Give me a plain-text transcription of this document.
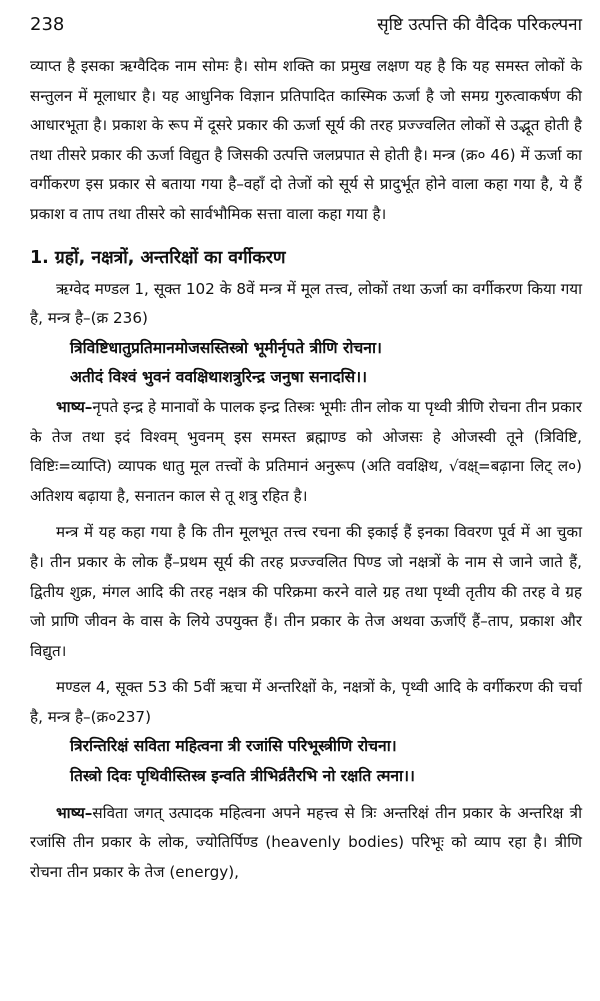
238	सृष्टि उत्पत्ति की वैदिक परिकल्पना

व्याप्त है इसका ऋग्वैदिक नाम सोमः है। सोम शक्ति का प्रमुख लक्षण यह है कि यह समस्त लोकों के सन्तुलन में मूलाधार है। यह आधुनिक विज्ञान प्रतिपादित कास्मिक ऊर्जा है जो समग्र गुरुत्वाकर्षण की आधारभूता है। प्रकाश के रूप में दूसरे प्रकार की ऊर्जा सूर्य की तरह प्रज्ज्वलित लोकों से उद्भूत होती है तथा तीसरे प्रकार की ऊर्जा विद्युत है जिसकी उत्पत्ति जलप्रपात से होती है। मन्त्र (क्र० 46) में ऊर्जा का वर्गीकरण इस प्रकार से बताया गया है–वहाँ दो तेजों को सूर्य से प्रादुर्भूत होने वाला कहा गया है, ये हैं प्रकाश व ताप तथा तीसरे को सार्वभौमिक सत्ता वाला कहा गया है।

1. ग्रहों, नक्षत्रों, अन्तरिक्षों का वर्गीकरण

ऋग्वेद मण्डल 1, सूक्त 102 के 8वें मन्त्र में मूल तत्त्व, लोकों तथा ऊर्जा का वर्गीकरण किया गया है, मन्त्र है–(क्र 236)

त्रिविष्टिधातुप्रतिमानमोजसस्तिस्त्रो भूमीर्नृपते त्रीणि रोचना।
अतीदं विश्वं भुवनं ववक्षिथाशत्रुरिन्द्र जनुषा सनादसि।।

भाष्य–नृपते इन्द्र हे मानावों के पालक इन्द्र तिस्त्रः भूमीः तीन लोक या पृथ्वी त्रीणि रोचना तीन प्रकार के तेज तथा इदं विश्वम् भुवनम् इस समस्त ब्रह्माण्ड को ओजसः हे ओजस्वी तूने (त्रिविष्टि, विष्टिः=व्याप्ति) व्यापक धातु मूल तत्त्वों के प्रतिमानं अनुरूप (अति ववक्षिथ, √वक्ष्=बढ़ाना लिट् ल०) अतिशय बढ़ाया है, सनातन काल से तू शत्रु रहित है।

मन्त्र में यह कहा गया है कि तीन मूलभूत तत्त्व रचना की इकाई हैं इनका विवरण पूर्व में आ चुका है। तीन प्रकार के लोक हैं–प्रथम सूर्य की तरह प्रज्ज्वलित पिण्ड जो नक्षत्रों के नाम से जाने जाते हैं, द्वितीय शुक्र, मंगल आदि की तरह नक्षत्र की परिक्रमा करने वाले ग्रह तथा पृथ्वी तृतीय की तरह वे ग्रह जो प्राणि जीवन के वास के लिये उपयुक्त हैं। तीन प्रकार के तेज अथवा ऊर्जाएँ हैं–ताप, प्रकाश और विद्युत।

मण्डल 4, सूक्त 53 की 5वीं ऋचा में अन्तरिक्षों के, नक्षत्रों के, पृथ्वी आदि के वर्गीकरण की चर्चा है, मन्त्र है–(क्र०237)

त्रिरन्तिरिक्षं सविता महित्वना त्री रजांसि परिभूस्त्रीणि रोचना।
तिस्त्रो दिवः पृथिवीस्तिस्त्र इन्वति त्रीभिर्व्रतैरभि नो रक्षति त्मना।।

भाष्य–सविता जगत् उत्पादक महित्वना अपने महत्त्व से त्रिः अन्तरिक्षं तीन प्रकार के अन्तरिक्ष त्री रजांसि तीन प्रकार के लोक, ज्योतिर्पिण्ड (heavenly bodies) परिभूः को व्याप रहा है। त्रीणि रोचना तीन प्रकार के तेज (energy),
